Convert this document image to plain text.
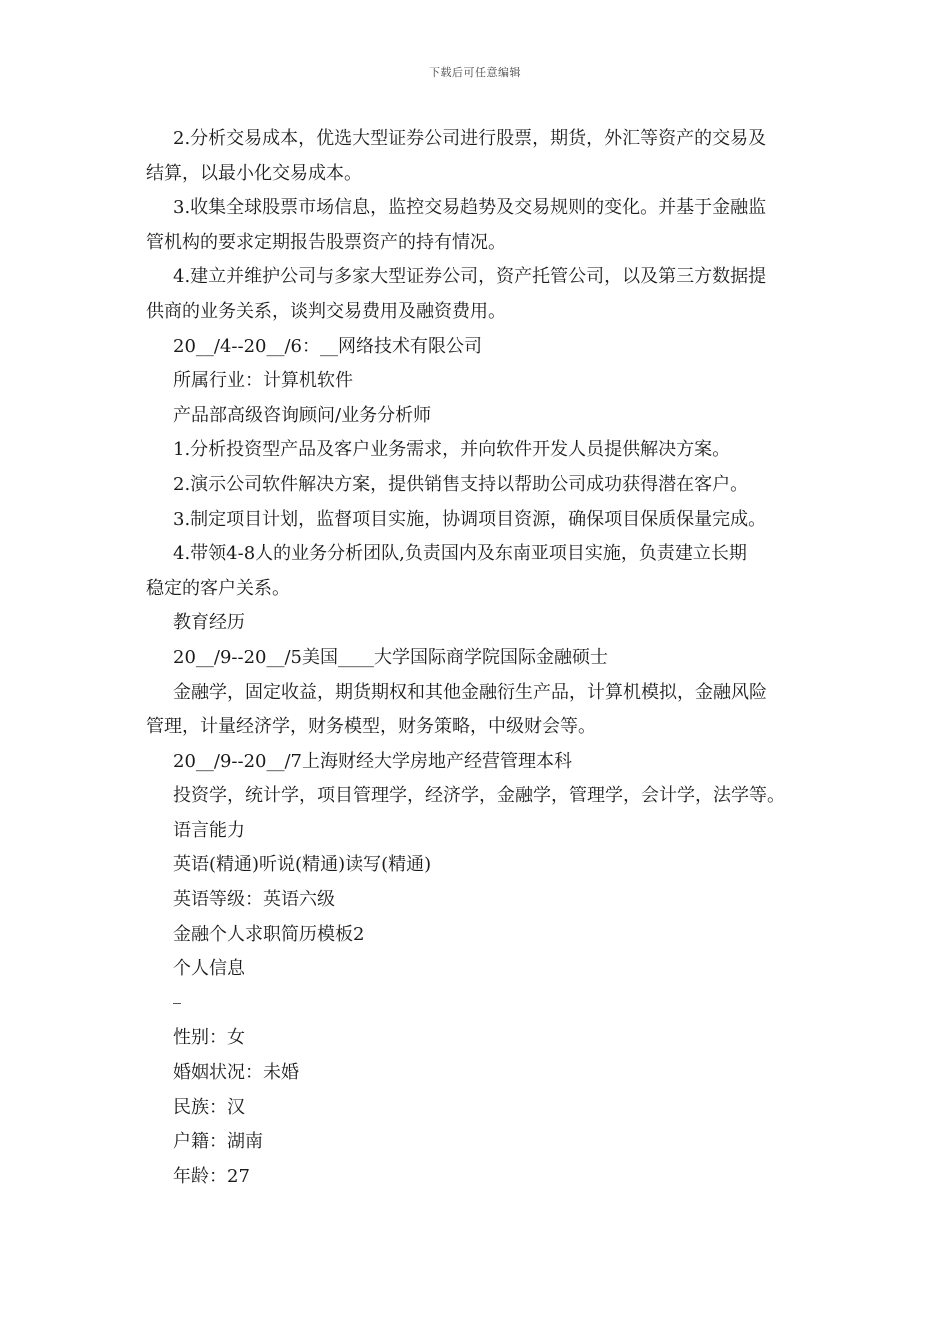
下载后可任意编辑
2.分析交易成本，优选大型证券公司进行股票，期货，外汇等资产的交易及
结算，以最小化交易成本。
3.收集全球股票市场信息，监控交易趋势及交易规则的变化。并基于金融监
管机构的要求定期报告股票资产的持有情况。
4.建立并维护公司与多家大型证券公司，资产托管公司，以及第三方数据提
供商的业务关系，谈判交易费用及融资费用。
20__/4--20__/6：__网络技术有限公司
所属行业：计算机软件
产品部高级咨询顾问/业务分析师
1.分析投资型产品及客户业务需求，并向软件开发人员提供解决方案。
2.演示公司软件解决方案，提供销售支持以帮助公司成功获得潜在客户。
3.制定项目计划，监督项目实施，协调项目资源，确保项目保质保量完成。
4.带领4-8人的业务分析团队,负责国内及东南亚项目实施，负责建立长期
稳定的客户关系。
教育经历
20__/9--20__/5美国____大学国际商学院国际金融硕士
金融学，固定收益，期货期权和其他金融衍生产品，计算机模拟，金融风险
管理，计量经济学，财务模型，财务策略，中级财会等。
20__/9--20__/7上海财经大学房地产经营管理本科
投资学，统计学，项目管理学，经济学，金融学，管理学，会计学，法学等。
语言能力
英语(精通)听说(精通)读写(精通)
英语等级：英语六级
金融个人求职简历模板2
个人信息
性别：女
婚姻状况：未婚
民族：汉
户籍：湖南
年龄：27
